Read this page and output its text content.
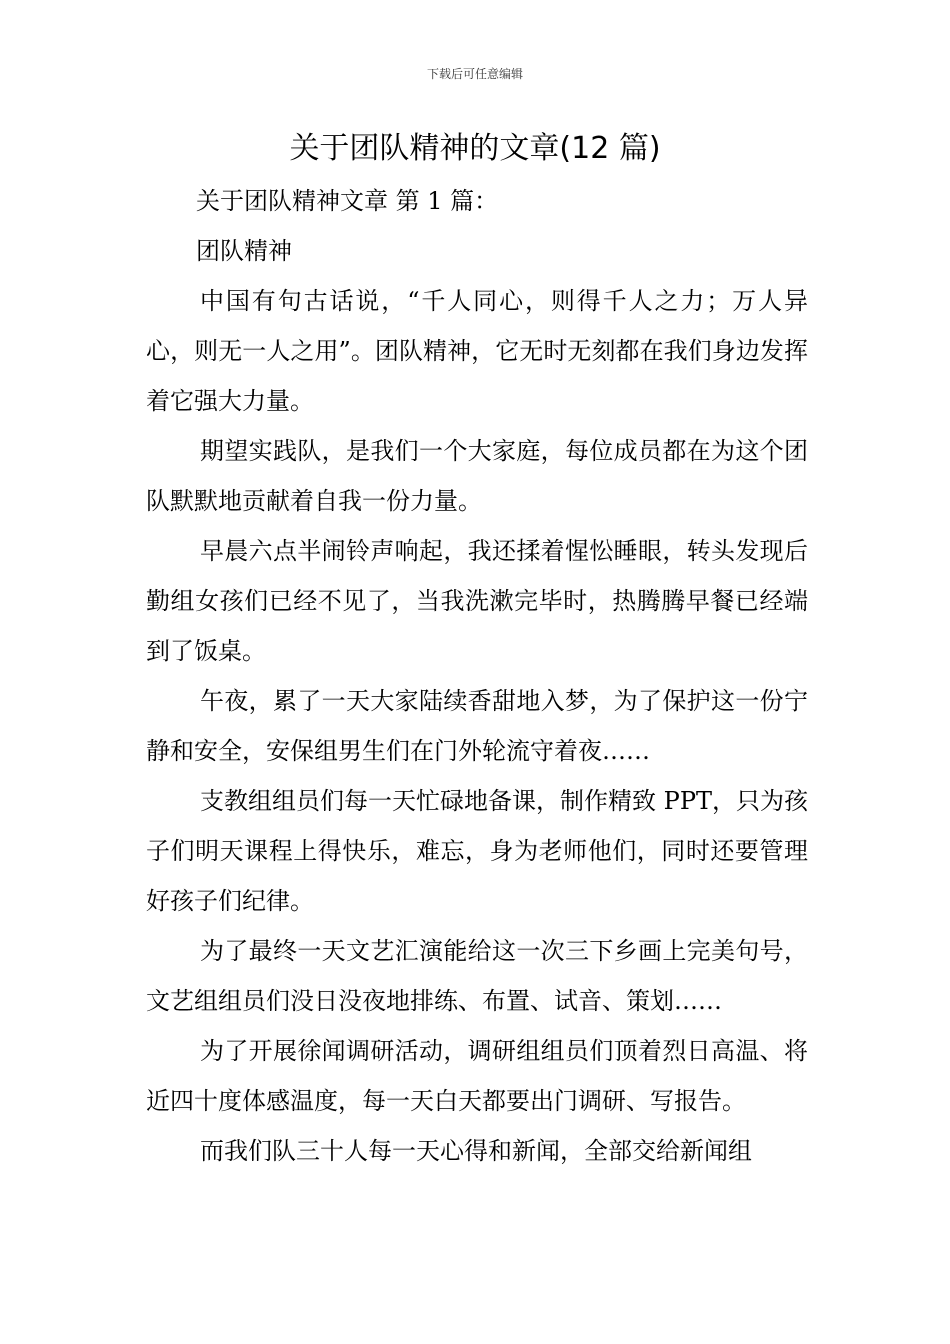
下载后可任意编辑
关于团队精神的文章(12 篇)

关于团队精神文章 第 1 篇：

团队精神

中国有句古话说，“千人同心，则得千人之力；万人异心，则无一人之用”。团队精神，它无时无刻都在我们身边发挥着它强大力量。

期望实践队，是我们一个大家庭，每位成员都在为这个团队默默地贡献着自我一份力量。

早晨六点半闹铃声响起，我还揉着惺忪睡眼，转头发现后勤组女孩们已经不见了，当我洗漱完毕时，热腾腾早餐已经端到了饭桌。

午夜，累了一天大家陆续香甜地入梦，为了保护这一份宁静和安全，安保组男生们在门外轮流守着夜……

支教组组员们每一天忙碌地备课，制作精致 PPT，只为孩子们明天课程上得快乐，难忘，身为老师他们，同时还要管理好孩子们纪律。

为了最终一天文艺汇演能给这一次三下乡画上完美句号，文艺组组员们没日没夜地排练、布置、试音、策划……

为了开展徐闻调研活动，调研组组员们顶着烈日高温、将近四十度体感温度，每一天白天都要出门调研、写报告。

而我们队三十人每一天心得和新闻，全部交给新闻组
